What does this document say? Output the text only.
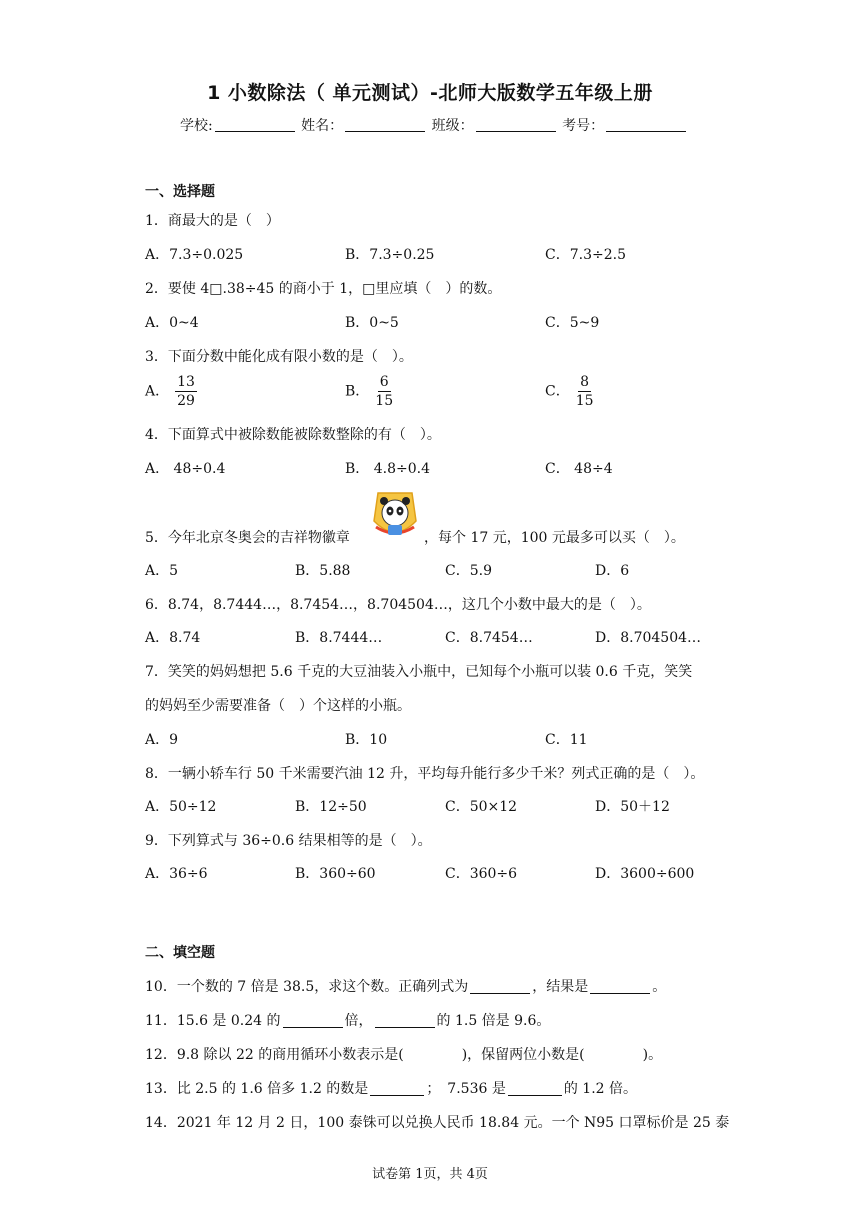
1 小数除法（ 单元测试）-北师大版数学五年级上册
学校:	姓名：	班级：	考号：
一、选择题
1．商最大的是（　）
A．7.3÷0.025	B．7.3÷0.25	C．7.3÷2.5
2．要使 4□.38÷45 的商小于 1，□里应填（　）的数。
A．0~4	B．0~5	C．5~9
3．下面分数中能化成有限小数的是（　）。
A． $\frac{13}{29}$	B． $\frac{6}{15}$	C． $\frac{8}{15}$
4．下面算式中被除数能被除数整除的有（　）。
A． 48÷0.4	B． 4.8÷0.4	C． 48÷4
5．今年北京冬奥会的吉祥物徽章	，每个 17 元，100 元最多可以买（　）。
A．5	B．5.88	C．5.9	D．6
6．8.74，8.7444…，8.7454…，8.704504…，这几个小数中最大的是（　）。
A．8.74	B．8.7444…	C．8.7454…	D．8.704504…
7．笑笑的妈妈想把 5.6 千克的大豆油装入小瓶中，已知每个小瓶可以装 0.6 千克，笑笑
的妈妈至少需要准备（　）个这样的小瓶。
A．9	B．10	C．11
8．一辆小轿车行 50 千米需要汽油 12 升，平均每升能行多少千米？列式正确的是（　）。
A．50÷12	B．12÷50	C．50×12	D．50＋12
9．下列算式与 36÷0.6 结果相等的是（　）。
A．36÷6	B．360÷60	C．360÷6	D．3600÷600
二、填空题
10．一个数的 7 倍是 38.5，求这个数。正确列式为	，结果是	。
11．15.6 是 0.24 的	倍，	的 1.5 倍是 9.6。
12．9.8 除以 22 的商用循环小数表示是(	)，保留两位小数是(	)。
13．比 2.5 的 1.6 倍多 1.2 的数是	；　7.536 是	的 1.2 倍。
14．2021 年 12 月 2 日，100 泰铢可以兑换人民币 18.84 元。一个 N95 口罩标价是 25 泰
试卷第 1页，共 4页
